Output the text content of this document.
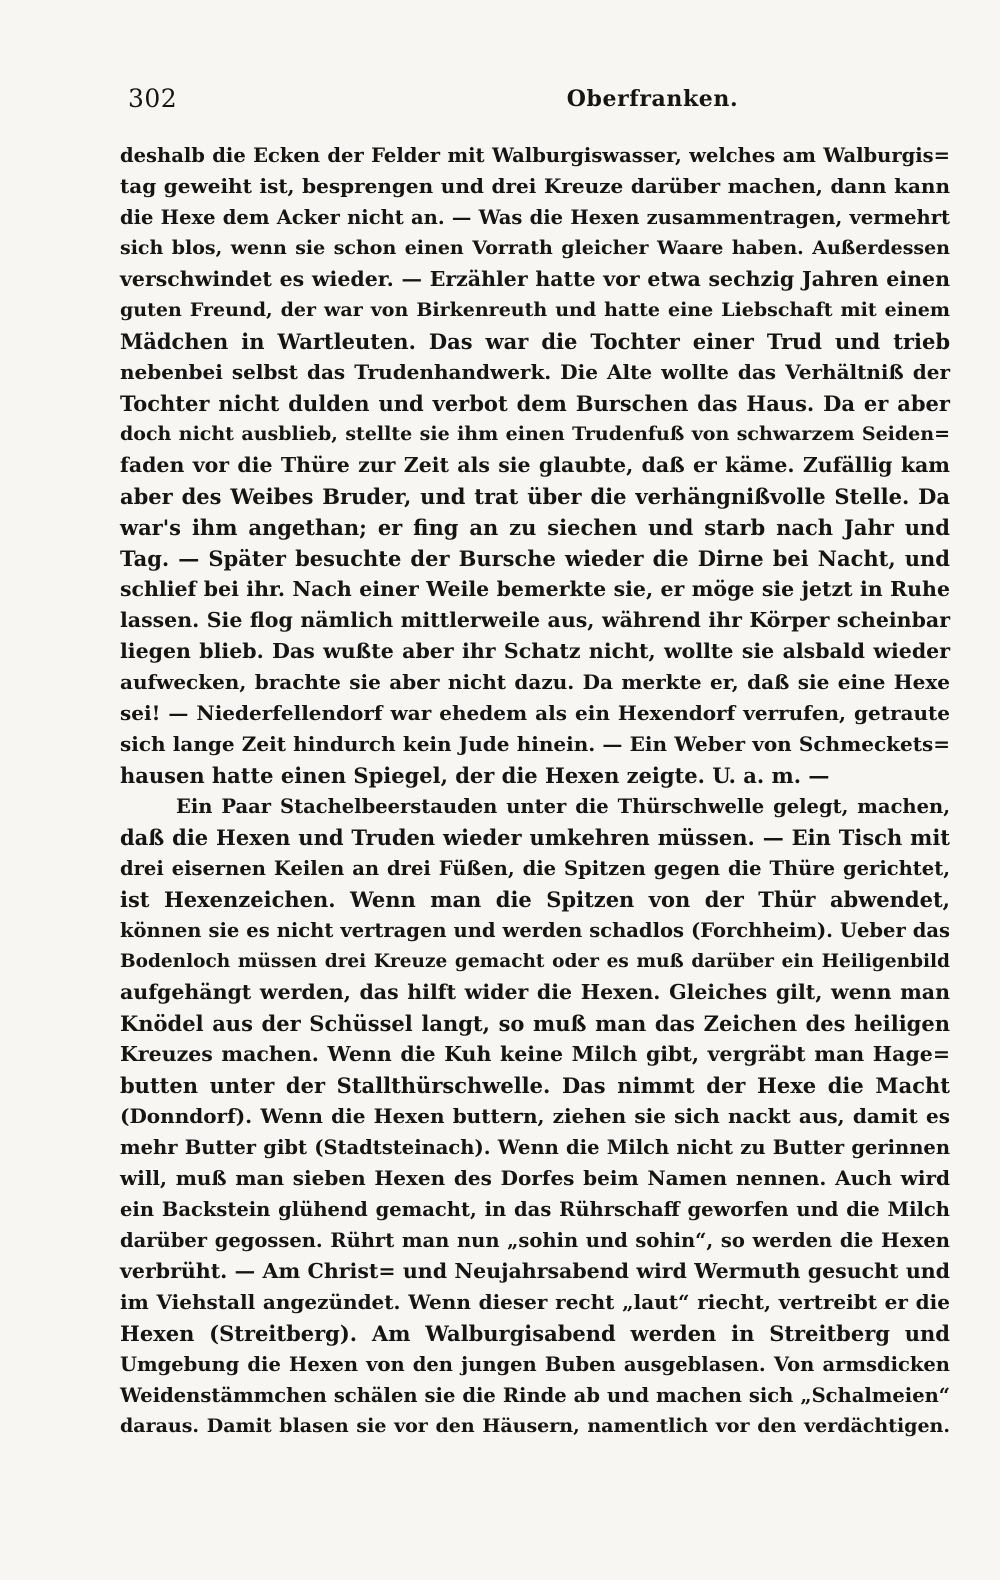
302	Oberfranken.
deshalb die Ecken der Felder mit Walburgiswasser, welches am Walburgis=
tag geweiht ist, besprengen und drei Kreuze darüber machen, dann kann
die Hexe dem Acker nicht an. — Was die Hexen zusammentragen, vermehrt
sich blos, wenn sie schon einen Vorrath gleicher Waare haben. Außerdessen
verschwindet es wieder. — Erzähler hatte vor etwa sechzig Jahren einen
guten Freund, der war von Birkenreuth und hatte eine Liebschaft mit einem
Mädchen in Wartleuten. Das war die Tochter einer Trud und trieb
nebenbei selbst das Trudenhandwerk. Die Alte wollte das Verhältniß der
Tochter nicht dulden und verbot dem Burschen das Haus. Da er aber
doch nicht ausblieb, stellte sie ihm einen Trudenfuß von schwarzem Seiden=
faden vor die Thüre zur Zeit als sie glaubte, daß er käme. Zufällig kam
aber des Weibes Bruder, und trat über die verhängnißvolle Stelle. Da
war's ihm angethan; er fing an zu siechen und starb nach Jahr und
Tag. — Später besuchte der Bursche wieder die Dirne bei Nacht, und
schlief bei ihr. Nach einer Weile bemerkte sie, er möge sie jetzt in Ruhe
lassen. Sie flog nämlich mittlerweile aus, während ihr Körper scheinbar
liegen blieb. Das wußte aber ihr Schatz nicht, wollte sie alsbald wieder
aufwecken, brachte sie aber nicht dazu. Da merkte er, daß sie eine Hexe
sei! — Niederfellendorf war ehedem als ein Hexendorf verrufen, getraute
sich lange Zeit hindurch kein Jude hinein. — Ein Weber von Schmeckets=
hausen hatte einen Spiegel, der die Hexen zeigte. U. a. m. —
Ein Paar Stachelbeerstauden unter die Thürschwelle gelegt, machen,
daß die Hexen und Truden wieder umkehren müssen. — Ein Tisch mit
drei eisernen Keilen an drei Füßen, die Spitzen gegen die Thüre gerichtet,
ist Hexenzeichen. Wenn man die Spitzen von der Thür abwendet,
können sie es nicht vertragen und werden schadlos (Forchheim). Ueber das
Bodenloch müssen drei Kreuze gemacht oder es muß darüber ein Heiligenbild
aufgehängt werden, das hilft wider die Hexen. Gleiches gilt, wenn man
Knödel aus der Schüssel langt, so muß man das Zeichen des heiligen
Kreuzes machen. Wenn die Kuh keine Milch gibt, vergräbt man Hage=
butten unter der Stallthürschwelle. Das nimmt der Hexe die Macht
(Donndorf). Wenn die Hexen buttern, ziehen sie sich nackt aus, damit es
mehr Butter gibt (Stadtsteinach). Wenn die Milch nicht zu Butter gerinnen
will, muß man sieben Hexen des Dorfes beim Namen nennen. Auch wird
ein Backstein glühend gemacht, in das Rührschaff geworfen und die Milch
darüber gegossen. Rührt man nun „sohin und sohin“, so werden die Hexen
verbrüht. — Am Christ= und Neujahrsabend wird Wermuth gesucht und
im Viehstall angezündet. Wenn dieser recht „laut“ riecht, vertreibt er die
Hexen (Streitberg). Am Walburgisabend werden in Streitberg und
Umgebung die Hexen von den jungen Buben ausgeblasen. Von armsdicken
Weidenstämmchen schälen sie die Rinde ab und machen sich „Schalmeien“
daraus. Damit blasen sie vor den Häusern, namentlich vor den verdächtigen.
